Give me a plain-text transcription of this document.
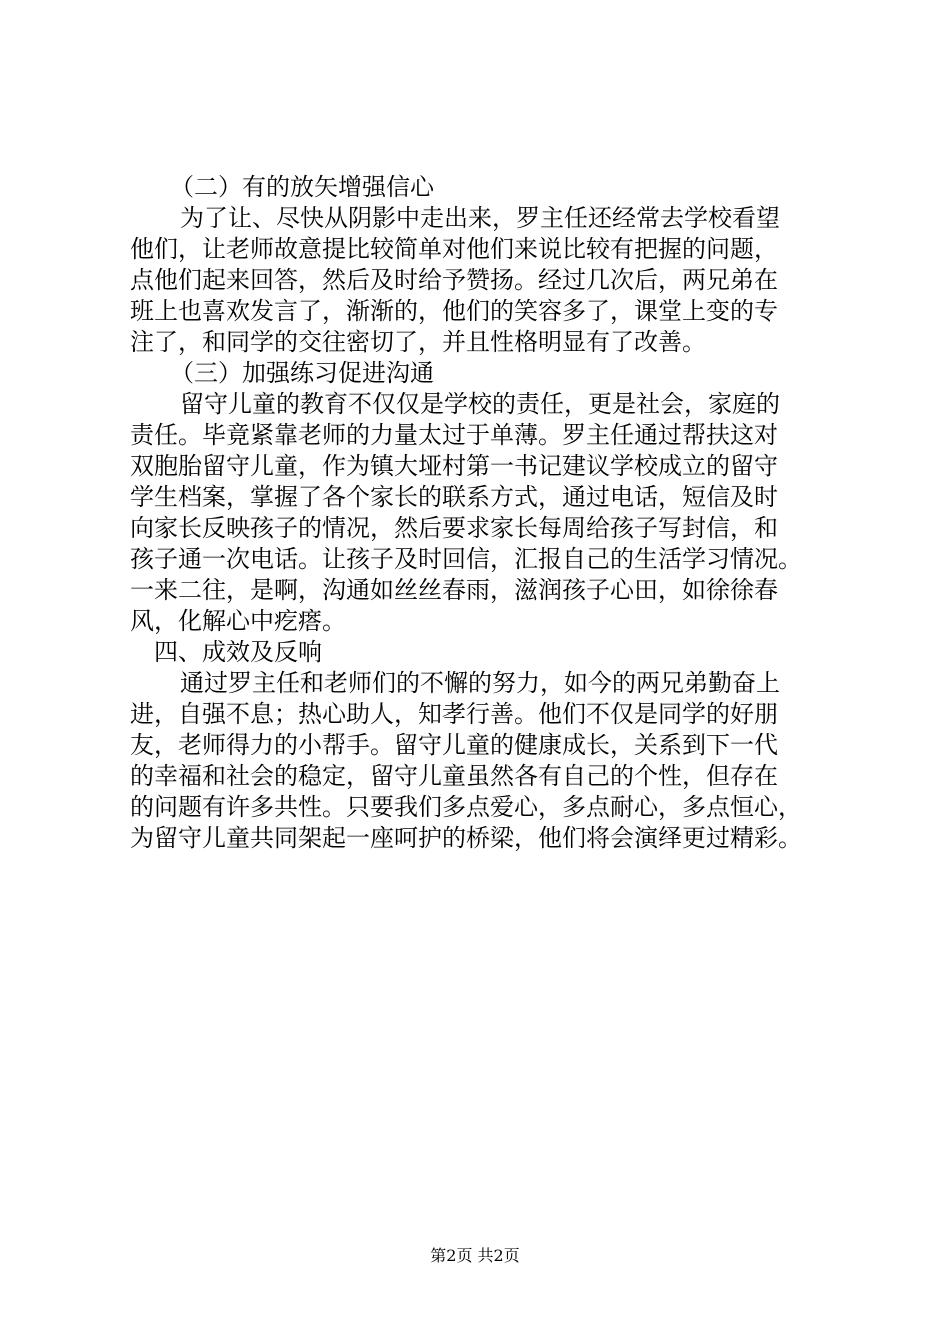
（二）有的放矢增强信心

为了让、尽快从阴影中走出来，罗主任还经常去学校看望

他们，让老师故意提比较简单对他们来说比较有把握的问题，

点他们起来回答，然后及时给予赞扬。经过几次后，两兄弟在

班上也喜欢发言了，渐渐的，他们的笑容多了，课堂上变的专

注了，和同学的交往密切了，并且性格明显有了改善。

（三）加强练习促进沟通

留守儿童的教育不仅仅是学校的责任，更是社会，家庭的

责任。毕竟紧靠老师的力量太过于单薄。罗主任通过帮扶这对

双胞胎留守儿童，作为镇大垭村第一书记建议学校成立的留守

学生档案，掌握了各个家长的联系方式，通过电话，短信及时

向家长反映孩子的情况，然后要求家长每周给孩子写封信，和

孩子通一次电话。让孩子及时回信，汇报自己的生活学习情况。

一来二往，是啊，沟通如丝丝春雨，滋润孩子心田，如徐徐春

风，化解心中疙瘩。

四、成效及反响

通过罗主任和老师们的不懈的努力，如今的两兄弟勤奋上

进，自强不息；热心助人，知孝行善。他们不仅是同学的好朋

友，老师得力的小帮手。留守儿童的健康成长，关系到下一代

的幸福和社会的稳定，留守儿童虽然各有自己的个性，但存在

的问题有许多共性。只要我们多点爱心，多点耐心，多点恒心，

为留守儿童共同架起一座呵护的桥梁，他们将会演绎更过精彩。

第2页 共2页
